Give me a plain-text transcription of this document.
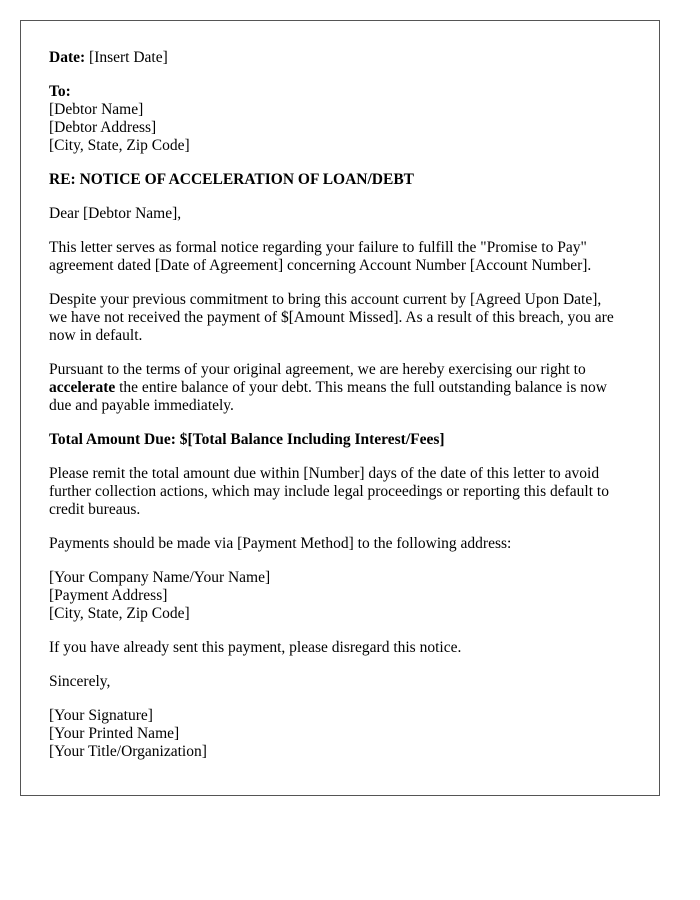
Date: [Insert Date]
To:
[Debtor Name]
[Debtor Address]
[City, State, Zip Code]
RE: NOTICE OF ACCELERATION OF LOAN/DEBT
Dear [Debtor Name],

This letter serves as formal notice regarding your failure to fulfill the "Promise to Pay"
agreement dated [Date of Agreement] concerning Account Number [Account Number].

Despite your previous commitment to bring this account current by [Agreed Upon Date],
we have not received the payment of $[Amount Missed]. As a result of this breach, you are
now in default.

Pursuant to the terms of your original agreement, we are hereby exercising our right to
accelerate the entire balance of your debt. This means the full outstanding balance is now
due and payable immediately.

Total Amount Due: $[Total Balance Including Interest/Fees]

Please remit the total amount due within [Number] days of the date of this letter to avoid
further collection actions, which may include legal proceedings or reporting this default to
credit bureaus.

Payments should be made via [Payment Method] to the following address:

[Your Company Name/Your Name]
[Payment Address]
[City, State, Zip Code]

If you have already sent this payment, please disregard this notice.

Sincerely,
[Your Signature]
[Your Printed Name]
[Your Title/Organization]
